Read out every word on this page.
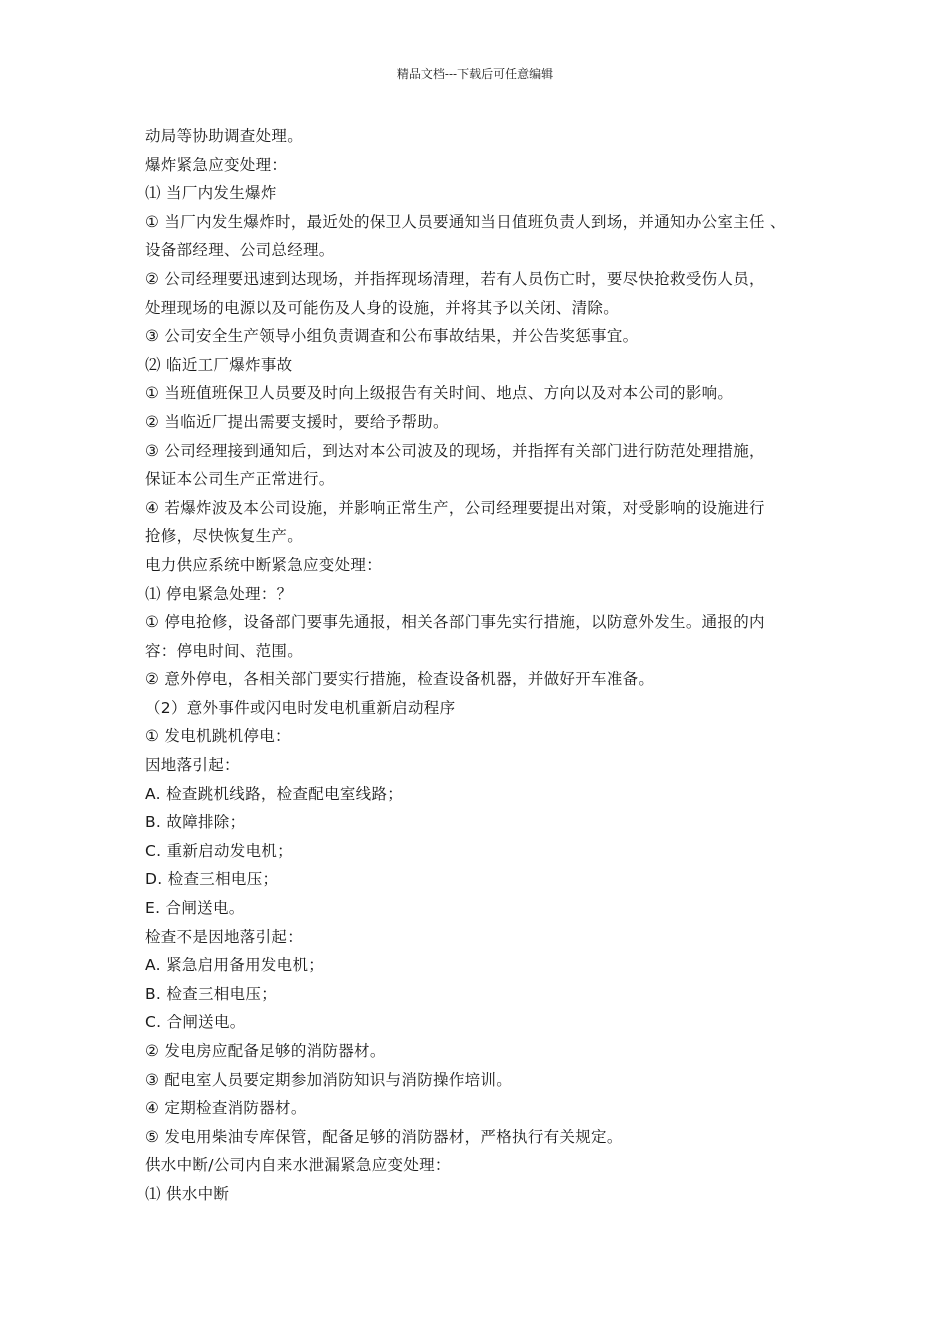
精品文档---下载后可任意编辑
动局等协助调查处理。
爆炸紧急应变处理：
⑴ 当厂内发生爆炸
① 当厂内发生爆炸时，最近处的保卫人员要通知当日值班负责人到场，并通知办公室主任 、
设备部经理、公司总经理。
② 公司经理要迅速到达现场，并指挥现场清理，若有人员伤亡时，要尽快抢救受伤人员，
处理现场的电源以及可能伤及人身的设施，并将其予以关闭、清除。
③ 公司安全生产领导小组负责调查和公布事故结果，并公告奖惩事宜。
⑵ 临近工厂爆炸事故
① 当班值班保卫人员要及时向上级报告有关时间、地点、方向以及对本公司的影响。
② 当临近厂提出需要支援时，要给予帮助。
③ 公司经理接到通知后，到达对本公司波及的现场，并指挥有关部门进行防范处理措施，
保证本公司生产正常进行。
④ 若爆炸波及本公司设施，并影响正常生产，公司经理要提出对策，对受影响的设施进行
抢修，尽快恢复生产。
电力供应系统中断紧急应变处理：
⑴ 停电紧急处理：？
① 停电抢修，设备部门要事先通报，相关各部门事先实行措施，以防意外发生。通报的内
容：停电时间、范围。
② 意外停电，各相关部门要实行措施，检查设备机器，并做好开车准备。
（2）意外事件或闪电时发电机重新启动程序
① 发电机跳机停电：
因地落引起：
A. 检查跳机线路，检查配电室线路；
B. 故障排除；
C. 重新启动发电机；
D. 检查三相电压；
E. 合闸送电。
检查不是因地落引起：
A. 紧急启用备用发电机；
B. 检查三相电压；
C. 合闸送电。
② 发电房应配备足够的消防器材。
③ 配电室人员要定期参加消防知识与消防操作培训。
④ 定期检查消防器材。
⑤ 发电用柴油专库保管，配备足够的消防器材，严格执行有关规定。
供水中断/公司内自来水泄漏紧急应变处理：
⑴ 供水中断
